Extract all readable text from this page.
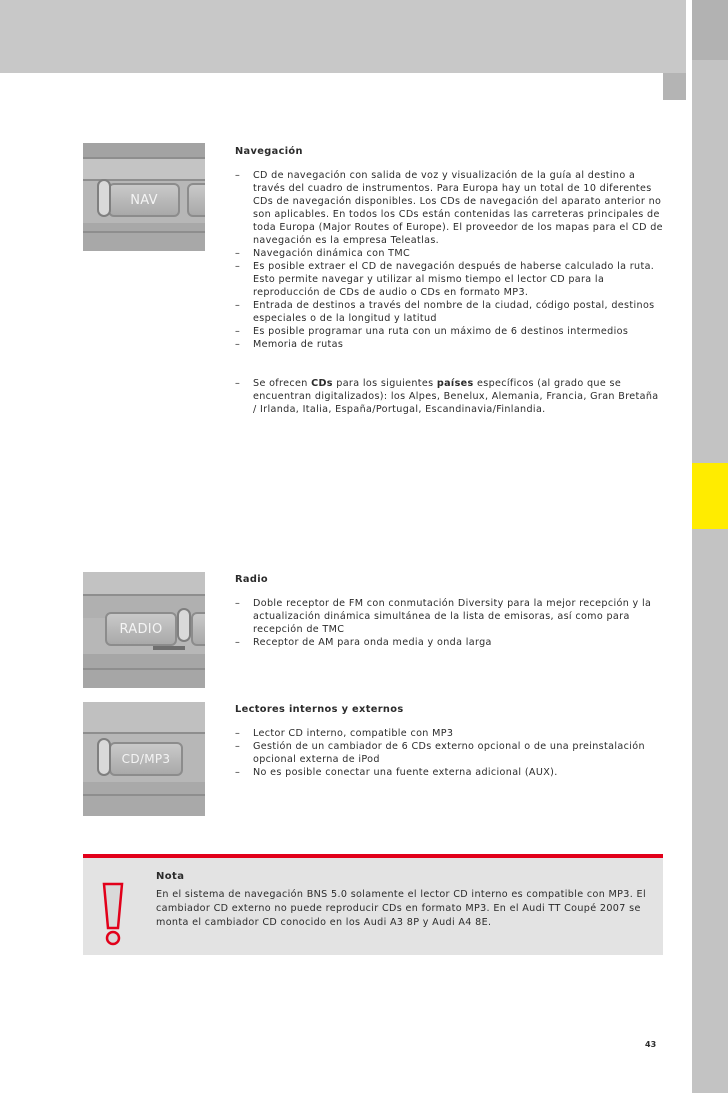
NAV
RADIO
CD/MP3
Navegación
– CD de navegación con salida de voz y visualización de la guía al destino a través del cuadro de instrumentos. Para Europa hay un total de 10 diferentes CDs de navegación disponibles. Los CDs de navegación del aparato anterior no son aplicables. En todos los CDs están contenidas las carreteras principales de toda Europa (Major Routes of Europe). El proveedor de los mapas para el CD de navegación es la empresa Teleatlas.
– Navegación dinámica con TMC
– Es posible extraer el CD de navegación después de haberse calculado la ruta. Esto permite navegar y utilizar al mismo tiempo el lector CD para la reproducción de CDs de audio o CDs en formato MP3.
– Entrada de destinos a través del nombre de la ciudad, código postal, destinos especiales o de la longitud y latitud
– Es posible programar una ruta con un máximo de 6 destinos intermedios
– Memoria de rutas
– Se ofrecen CDs para los siguientes países específicos (al grado que se encuentran digitalizados): los Alpes, Benelux, Alemania, Francia, Gran Bretaña / Irlanda, Italia, España/Portugal, Escandinavia/Finlandia.
Radio
– Doble receptor de FM con conmutación Diversity para la mejor recepción y la actualización dinámica simultánea de la lista de emisoras, así como para recepción de TMC
– Receptor de AM para onda media y onda larga
Lectores internos y externos
– Lector CD interno, compatible con MP3
– Gestión de un cambiador de 6 CDs externo opcional o de una preinstalación opcional externa de iPod
– No es posible conectar una fuente externa adicional (AUX).
Nota
En el sistema de navegación BNS 5.0 solamente el lector CD interno es compatible con MP3. El cambiador CD externo no puede reproducir CDs en formato MP3. En el Audi TT Coupé 2007 se monta el cambiador CD conocido en los Audi A3 8P y Audi A4 8E.
43
